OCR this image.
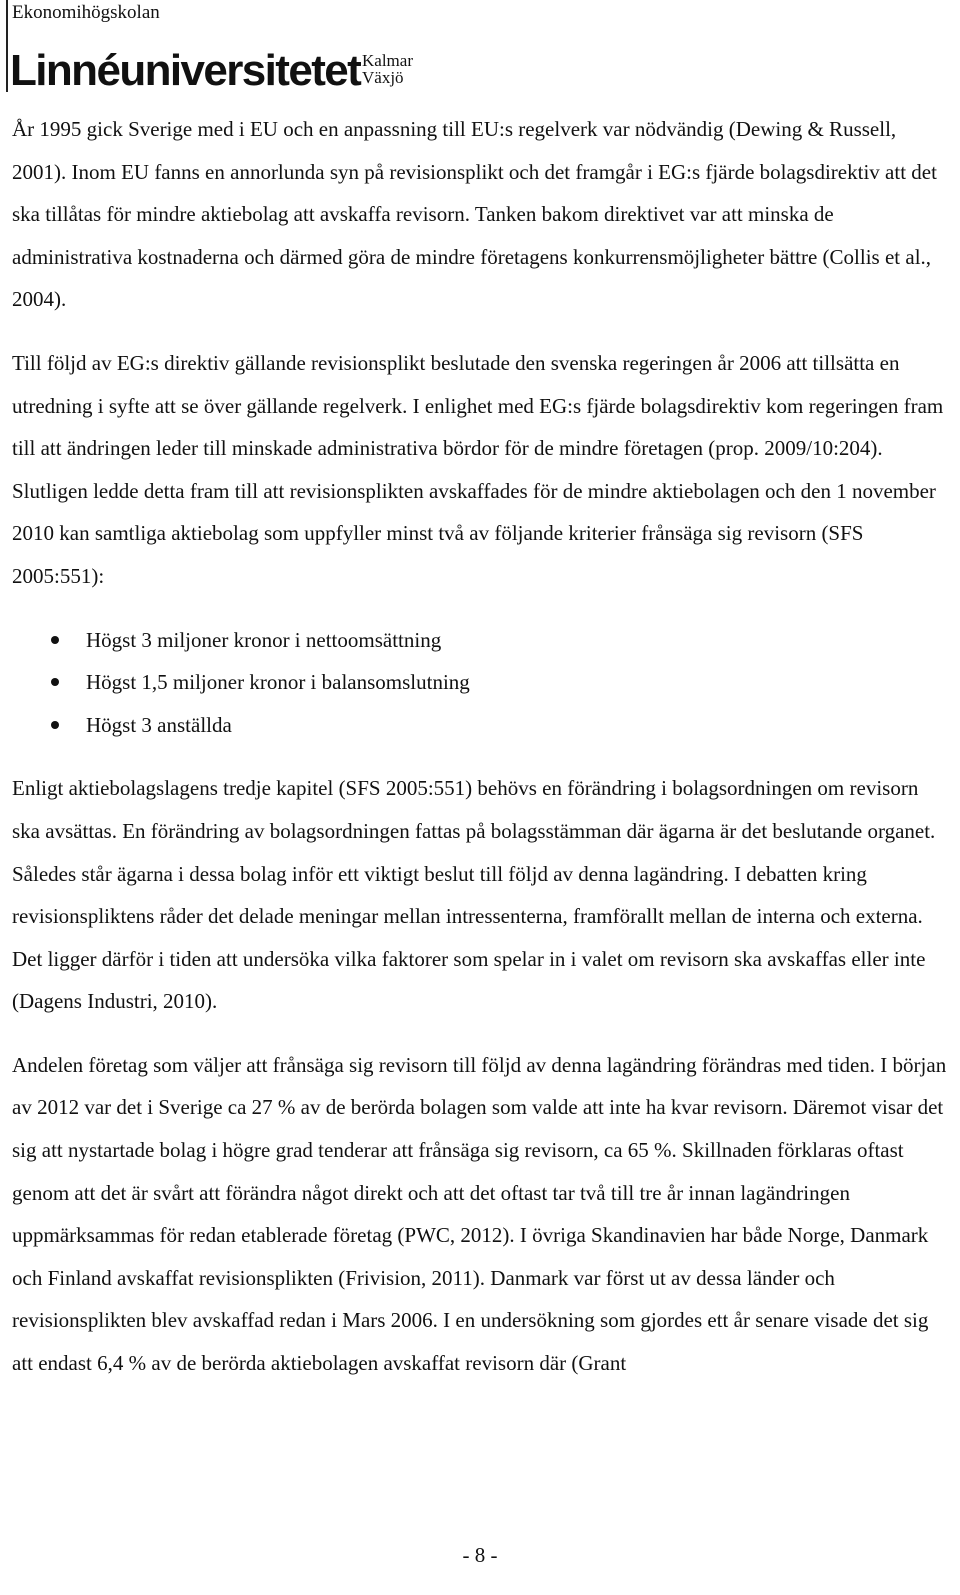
Ekonomihögskolan
Linnéuniversitetet Kalmar
Växjö

År 1995 gick Sverige med i EU och en anpassning till EU:s regelverk var nödvändig (Dewing & Russell, 2001). Inom EU fanns en annorlunda syn på revisionsplikt och det framgår i EG:s fjärde bolagsdirektiv att det ska tillåtas för mindre aktiebolag att avskaffa revisorn. Tanken bakom direktivet var att minska de administrativa kostnaderna och därmed göra de mindre företagens konkurrensmöjligheter bättre (Collis et al., 2004).

Till följd av EG:s direktiv gällande revisionsplikt beslutade den svenska regeringen år 2006 att tillsätta en utredning i syfte att se över gällande regelverk. I enlighet med EG:s fjärde bolagsdirektiv kom regeringen fram till att ändringen leder till minskade administrativa bördor för de mindre företagen (prop. 2009/10:204). Slutligen ledde detta fram till att revisionsplikten avskaffades för de mindre aktiebolagen och den 1 november 2010 kan samtliga aktiebolag som uppfyller minst två av följande kriterier frånsäga sig revisorn (SFS 2005:551):

Högst 3 miljoner kronor i nettoomsättning
Högst 1,5 miljoner kronor i balansomslutning
Högst 3 anställda

Enligt aktiebolagslagens tredje kapitel (SFS 2005:551) behövs en förändring i bolagsordningen om revisorn ska avsättas. En förändring av bolagsordningen fattas på bolagsstämman där ägarna är det beslutande organet. Således står ägarna i dessa bolag inför ett viktigt beslut till följd av denna lagändring. I debatten kring revisionspliktens råder det delade meningar mellan intressenterna, framförallt mellan de interna och externa. Det ligger därför i tiden att undersöka vilka faktorer som spelar in i valet om revisorn ska avskaffas eller inte (Dagens Industri, 2010).

Andelen företag som väljer att frånsäga sig revisorn till följd av denna lagändring förändras med tiden. I början av 2012 var det i Sverige ca 27 % av de berörda bolagen som valde att inte ha kvar revisorn. Däremot visar det sig att nystartade bolag i högre grad tenderar att frånsäga sig revisorn, ca 65 %. Skillnaden förklaras oftast genom att det är svårt att förändra något direkt och att det oftast tar två till tre år innan lagändringen uppmärksammas för redan etablerade företag (PWC, 2012). I övriga Skandinavien har både Norge, Danmark och Finland avskaffat revisionsplikten (Frivision, 2011). Danmark var först ut av dessa länder och revisionsplikten blev avskaffad redan i Mars 2006. I en undersökning som gjordes ett år senare visade det sig att endast 6,4 % av de berörda aktiebolagen avskaffat revisorn där (Grant

- 8 -
